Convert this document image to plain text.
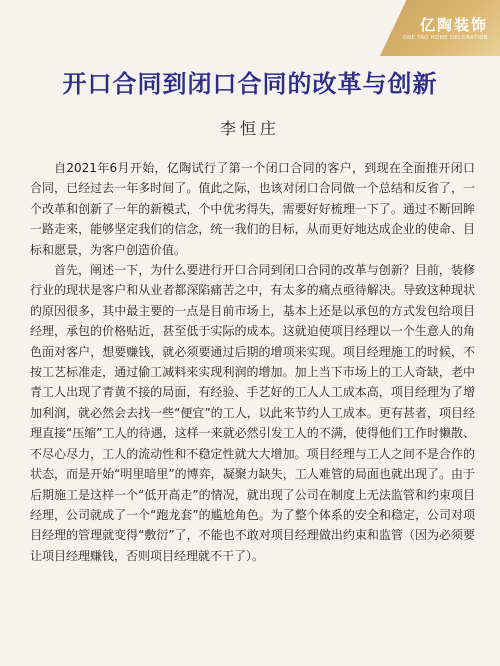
亿陶装饰
ONE TAO HOME DECORATION
开口合同到闭口合同的改革与创新
李恒庄

自2021年6月开始，亿陶试行了第一个闭口合同的客户，到现在全面推开闭口合同，已经过去一年多时间了。值此之际，也该对闭口合同做一个总结和反省了，一个改革和创新了一年的新模式，个中优劣得失，需要好好梳理一下了。通过不断回眸一路走来，能够坚定我们的信念，统一我们的目标，从而更好地达成企业的使命、目标和愿景，为客户创造价值。

首先，阐述一下，为什么要进行开口合同到闭口合同的改革与创新？目前，装修行业的现状是客户和从业者都深陷痛苦之中，有太多的痛点亟待解决。导致这种现状的原因很多，其中最主要的一点是目前市场上，基本上还是以承包的方式发包给项目经理，承包的价格贴近，甚至低于实际的成本。这就迫使项目经理以一个生意人的角色面对客户，想要赚钱，就必须要通过后期的增项来实现。项目经理施工的时候，不按工艺标准走，通过偷工减料来实现利润的增加。加上当下市场上的工人奇缺，老中青工人出现了青黄不接的局面，有经验、手艺好的工人人工成本高，项目经理为了增加利润，就必然会去找一些“便宜”的工人，以此来节约人工成本。更有甚者，项目经理直接“压缩”工人的待遇，这样一来就必然引发工人的不满，使得他们工作时懒散、不尽心尽力，工人的流动性和不稳定性就大大增加。项目经理与工人之间不是合作的状态，而是开始“明里暗里”的博弈，凝聚力缺失，工人难管的局面也就出现了。由于后期施工是这样一个“低开高走”的情况，就出现了公司在制度上无法监管和约束项目经理，公司就成了一个“跑龙套”的尴尬角色。为了整个体系的安全和稳定，公司对项目经理的管理就变得“敷衍”了，不能也不敢对项目经理做出约束和监管（因为必须要让项目经理赚钱，否则项目经理就不干了）。
